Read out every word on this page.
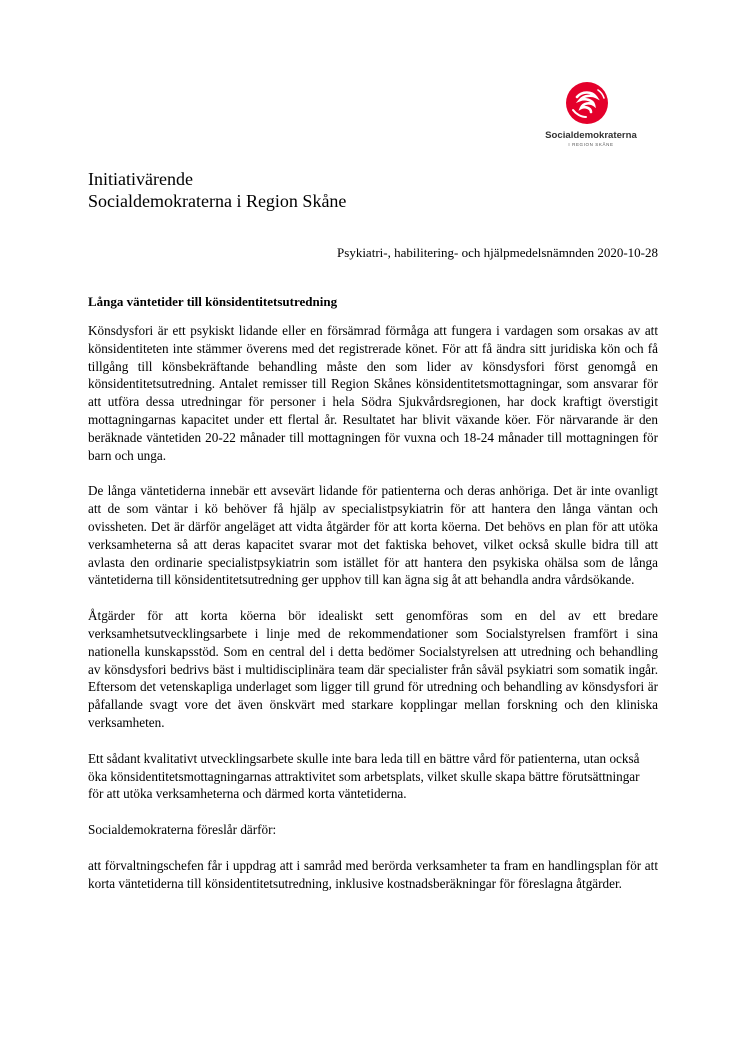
Socialdemokraterna
I REGION SKÅNE
Initiativärende
Socialdemokraterna i Region Skåne
Psykiatri-, habilitering- och hjälpmedelsnämnden 2020-10-28
Långa väntetider till könsidentitetsutredning

Könsdysfori är ett psykiskt lidande eller en försämrad förmåga att fungera i vardagen som orsakas av att könsidentiteten inte stämmer överens med det registrerade könet. För att få ändra sitt juridiska kön och få tillgång till könsbekräftande behandling måste den som lider av könsdysfori först genomgå en könsidentitetsutredning. Antalet remisser till Region Skånes könsidentitetsmottagningar, som ansvarar för att utföra dessa utredningar för personer i hela Södra Sjukvårdsregionen, har dock kraftigt överstigit mottagningarnas kapacitet under ett flertal år. Resultatet har blivit växande köer. För närvarande är den beräknade väntetiden 20-22 månader till mottagningen för vuxna och 18-24 månader till mottagningen för barn och unga.

De långa väntetiderna innebär ett avsevärt lidande för patienterna och deras anhöriga. Det är inte ovanligt att de som väntar i kö behöver få hjälp av specialistpsykiatrin för att hantera den långa väntan och ovissheten. Det är därför angeläget att vidta åtgärder för att korta köerna. Det behövs en plan för att utöka verksamheterna så att deras kapacitet svarar mot det faktiska behovet, vilket också skulle bidra till att avlasta den ordinarie specialistpsykiatrin som istället för att hantera den psykiska ohälsa som de långa väntetiderna till könsidentitetsutredning ger upphov till kan ägna sig åt att behandla andra vårdsökande.

Åtgärder för att korta köerna bör idealiskt sett genomföras som en del av ett bredare verksamhetsutvecklingsarbete i linje med de rekommendationer som Socialstyrelsen framfört i sina nationella kunskapsstöd. Som en central del i detta bedömer Socialstyrelsen att utredning och behandling av könsdysfori bedrivs bäst i multidisciplinära team där specialister från såväl psykiatri som somatik ingår. Eftersom det vetenskapliga underlaget som ligger till grund för utredning och behandling av könsdysfori är påfallande svagt vore det även önskvärt med starkare kopplingar mellan forskning och den kliniska verksamheten.

Ett sådant kvalitativt utvecklingsarbete skulle inte bara leda till en bättre vård för patienterna, utan också öka könsidentitetsmottagningarnas attraktivitet som arbetsplats, vilket skulle skapa bättre förutsättningar för att utöka verksamheterna och därmed korta väntetiderna.

Socialdemokraterna föreslår därför:

att förvaltningschefen får i uppdrag att i samråd med berörda verksamheter ta fram en handlingsplan för att korta väntetiderna till könsidentitetsutredning, inklusive kostnadsberäkningar för föreslagna åtgärder.
